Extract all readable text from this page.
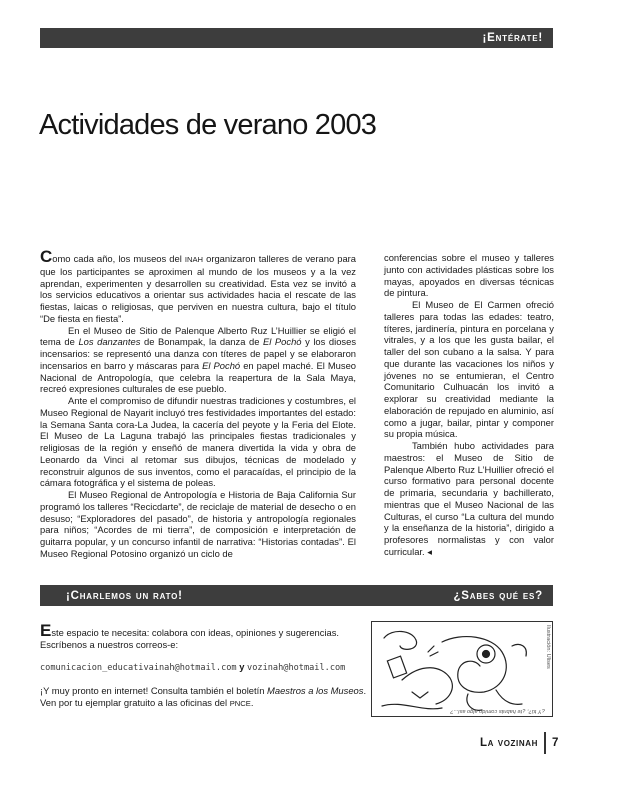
¡Entérate!
Actividades de verano 2003

Como cada año, los museos del INAH organizaron talleres de verano para que los participantes se aproximen al mundo de los museos y a la vez aprendan, experimenten y desarrollen su creatividad. Esta vez se invitó a los servicios educativos a orientar sus actividades hacia el rescate de las fiestas, laicas o religiosas, que perviven en nuestra cultura, bajo el título “De fiesta en fiesta”.

En el Museo de Sitio de Palenque Alberto Ruz L’Huillier se eligió el tema de Los danzantes de Bonampak, la danza de El Pochó y los dioses incensarios: se representó una danza con títeres de papel y se elaboraron incensarios en barro y máscaras para El Pochó en papel maché. El Museo Nacional de Antropología, que celebra la reapertura de la Sala Maya, recreó expresiones culturales de ese pueblo.

Ante el compromiso de difundir nuestras tradiciones y costumbres, el Museo Regional de Nayarit incluyó tres festividades importantes del estado: la Semana Santa cora-La Judea, la cacería del peyote y la Feria del Elote. El Museo de La Laguna trabajó las principales fiestas tradicionales y religiosas de la región y enseñó de manera divertida la vida y obra de Leonardo da Vinci al retomar sus dibujos, técnicas de modelado y reconstruir algunos de sus inventos, como el paracaídas, el principio de la cámara fotográfica y el sistema de poleas.

El Museo Regional de Antropología e Historia de Baja California Sur programó los talleres “Recicdarte”, de reciclaje de material de desecho o en desuso; “Exploradores del pasado”, de historia y antropología regionales para niños; “Acordes de mi tierra”, de composición e interpretación de guitarra popular, y un concurso infantil de narrativa: “Historias contadas”. El Museo Regional Potosino organizó un ciclo de

conferencias sobre el museo y talleres junto con actividades plásticas sobre los mayas, apoyados en diversas técnicas de pintura.

El Museo de El Carmen ofreció talleres para todas las edades: teatro, títeres, jardinería, pintura en porcelana y vitrales, y a los que les gusta bailar, el taller del son cubano a la salsa. Y para que durante las vacaciones los niños y jóvenes no se entumieran, el Centro Comunitario Culhuacán los invitó a explorar su creatividad mediante la elaboración de repujado en aluminio, así como a jugar, bailar, pintar y componer su propia música.

También hubo actividades para maestros: el Museo de Sitio de Palenque Alberto Ruz L’Huillier ofreció el curso formativo para personal docente de primaria, secundaria y bachillerato, mientras que el Museo Nacional de las Culturas, el curso “La cultura del mundo y la enseñanza de la historia”, dirigido a profesores normalistas y con valor curricular. ◂

¡Charlemos un rato!	¿Sabes qué es?

Este espacio te necesita: colabora con ideas, opiniones y sugerencias.

Escríbenos a nuestros correos-e:

comunicacion_educativainah@hotmail.com y vozinah@hotmail.com

¡Y muy pronto en internet! Consulta también el boletín Maestros a los Museos. Ven por tu ejemplar gratuito a las oficinas del PNCE.

Ilustración: Ulises
¿Y tú?, ¿te habrás comido algo así...?
La vozinah 7
